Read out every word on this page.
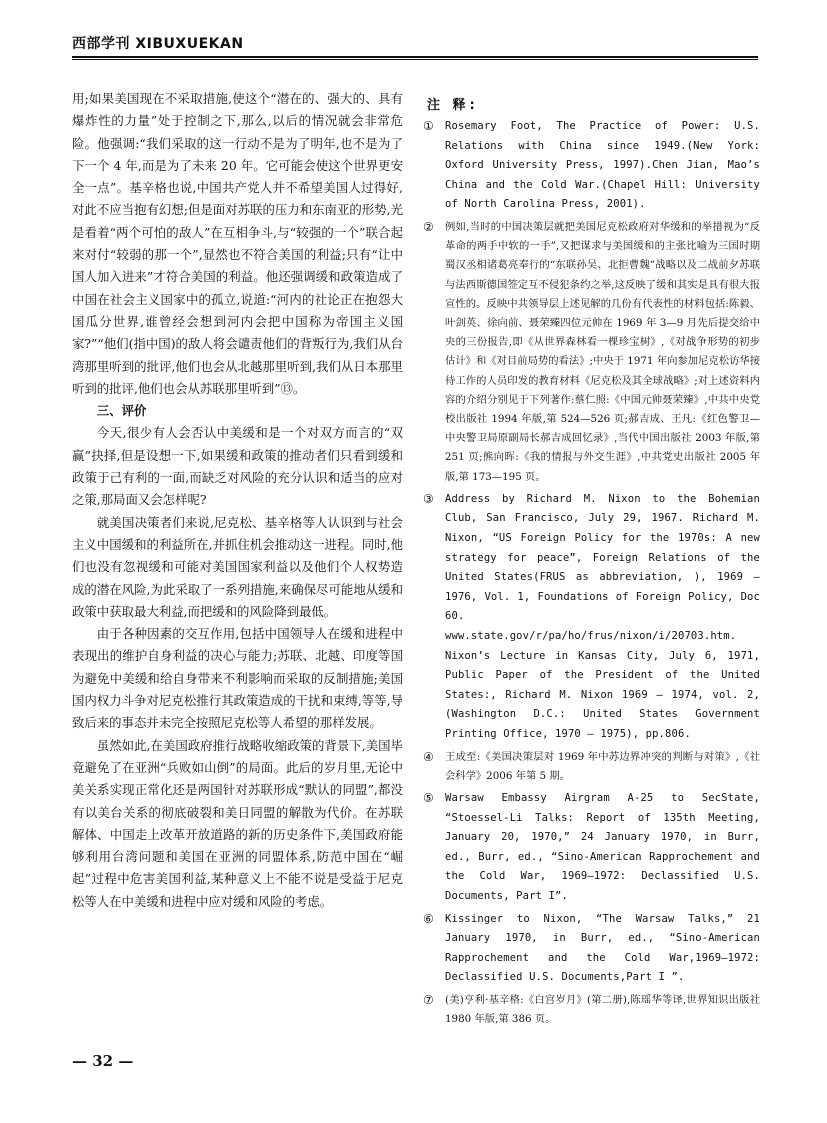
西部学刊 XIBUXUEKAN

用;如果美国现在不采取措施,使这个“潜在的、强大的、具有爆炸性的力量”处于控制之下,那么,以后的情况就会非常危险。他强调:“我们采取的这一行动不是为了明年,也不是为了下一个 4 年,而是为了未来 20 年。它可能会使这个世界更安全一点”。基辛格也说,中国共产党人并不希望美国人过得好,对此不应当抱有幻想;但是面对苏联的压力和东南亚的形势,光是看着“两个可怕的敌人”在互相争斗,与“较强的一个”联合起来对付“较弱的那一个”,显然也不符合美国的利益;只有“让中国人加入进来”才符合美国的利益。他还强调缓和政策造成了中国在社会主义国家中的孤立,说道:“河内的社论正在抱怨大国瓜分世界,谁曾经会想到河内会把中国称为帝国主义国家?”“他们(指中国)的敌人将会谴责他们的背叛行为,我们从台湾那里听到的批评,他们也会从北越那里听到,我们从日本那里听到的批评,他们也会从苏联那里听到”⑬。

三、评价

今天,很少有人会否认中美缓和是一个对双方而言的“双赢”抉择,但是设想一下,如果缓和政策的推动者们只看到缓和政策于己有利的一面,而缺乏对风险的充分认识和适当的应对之策,那局面又会怎样呢?

就美国决策者们来说,尼克松、基辛格等人认识到与社会主义中国缓和的利益所在,并抓住机会推动这一进程。同时,他们也没有忽视缓和可能对美国国家利益以及他们个人权势造成的潜在风险,为此采取了一系列措施,来确保尽可能地从缓和政策中获取最大利益,而把缓和的风险降到最低。

由于各种因素的交互作用,包括中国领导人在缓和进程中表现出的维护自身利益的决心与能力;苏联、北越、印度等国为避免中美缓和给自身带来不利影响而采取的反制措施;美国国内权力斗争对尼克松推行其政策造成的干扰和束缚,等等,导致后来的事态并未完全按照尼克松等人希望的那样发展。

虽然如此,在美国政府推行战略收缩政策的背景下,美国毕竟避免了在亚洲“兵败如山倒”的局面。此后的岁月里,无论中美关系实现正常化还是两国针对苏联形成“默认的同盟”,都没有以美台关系的彻底破裂和美日同盟的解散为代价。在苏联解体、中国走上改革开放道路的新的历史条件下,美国政府能够利用台湾问题和美国在亚洲的同盟体系,防范中国在“崛起”过程中危害美国利益,某种意义上不能不说是受益于尼克松等人在中美缓和进程中应对缓和风险的考虑。

注 释:
①	Rosemary Foot, The Practice of Power: U.S. Relations with China since 1949.(New York: Oxford University Press, 1997).Chen Jian, Mao’s China and the Cold War.(Chapel Hill: University of North Carolina Press, 2001).
②	例如,当时的中国决策层就把美国尼克松政府对华缓和的举措视为“反革命的两手中软的一手”,又把谋求与美国缓和的主张比喻为三国时期蜀汉丞相诸葛亮奉行的“东联孙吴、北拒曹魏”战略以及二战前夕苏联与法西斯德国签定互不侵犯条约之举,这反映了缓和其实是具有很大报宣性的。反映中共领导层上述见解的几份有代表性的材料包括:陈毅、叶剑英、徐向前、聂荣臻四位元帅在 1969 年 3—9 月先后提交给中央的三份报告,即《从世界森林看一棵珍宝树》,《对战争形势的初步估计》和《对目前局势的看法》;中央于 1971 年向参加尼克松访华接待工作的人员印发的教育材料《尼克松及其全球战略》;对上述资料内容的介绍分别见于下列著作:蔡仁照:《中国元帅聂荣臻》,中共中央党校出版社 1994 年版,第 524—526 页;郝吉成、王凡:《红色警卫—中央警卫局原副局长郝吉成回忆录》,当代中国出版社 2003 年版,第 251 页;熊向晖:《我的情报与外交生涯》,中共党史出版社 2005 年版,第 173—195 页。
③	Address by Richard M. Nixon to the Bohemian Club, San Francisco, July 29, 1967. Richard M. Nixon, “US Foreign Policy for the 1970s: A new strategy for peace”, Foreign Relations of the United States(FRUS as abbreviation, ), 1969 — 1976, Vol. 1, Foundations of Foreign Policy, Doc 60. www.state.gov/r/pa/ho/frus/nixon/i/20703.htm. Nixon’s Lecture in Kansas City, July 6, 1971, Public Paper of the President of the United States:, Richard M. Nixon 1969 — 1974, vol. 2,(Washington D.C.: United States Government Printing Office, 1970 — 1975), pp.806.
④	王成至:《美国决策层对 1969 年中苏边界冲突的判断与对策》,《社会科学》2006 年第 5 期。
⑤	Warsaw Embassy Airgram A-25 to SecState, “Stoessel-Li Talks: Report of 135th Meeting, January 20, 1970,” 24 January 1970, in Burr, ed., Burr, ed., “Sino-American Rapprochement and the Cold War, 1969—1972: Declassified U.S. Documents, Part I”.
⑥	Kissinger to Nixon, “The Warsaw Talks,” 21 January 1970, in Burr, ed., “Sino-American Rapprochement and the Cold War,1969—1972: Declassified U.S. Documents,Part I ”.
⑦	(美)亨利·基辛格:《白宫岁月》(第二册),陈瑶华等译,世界知识出版社 1980 年版,第 386 页。
— 32 —
